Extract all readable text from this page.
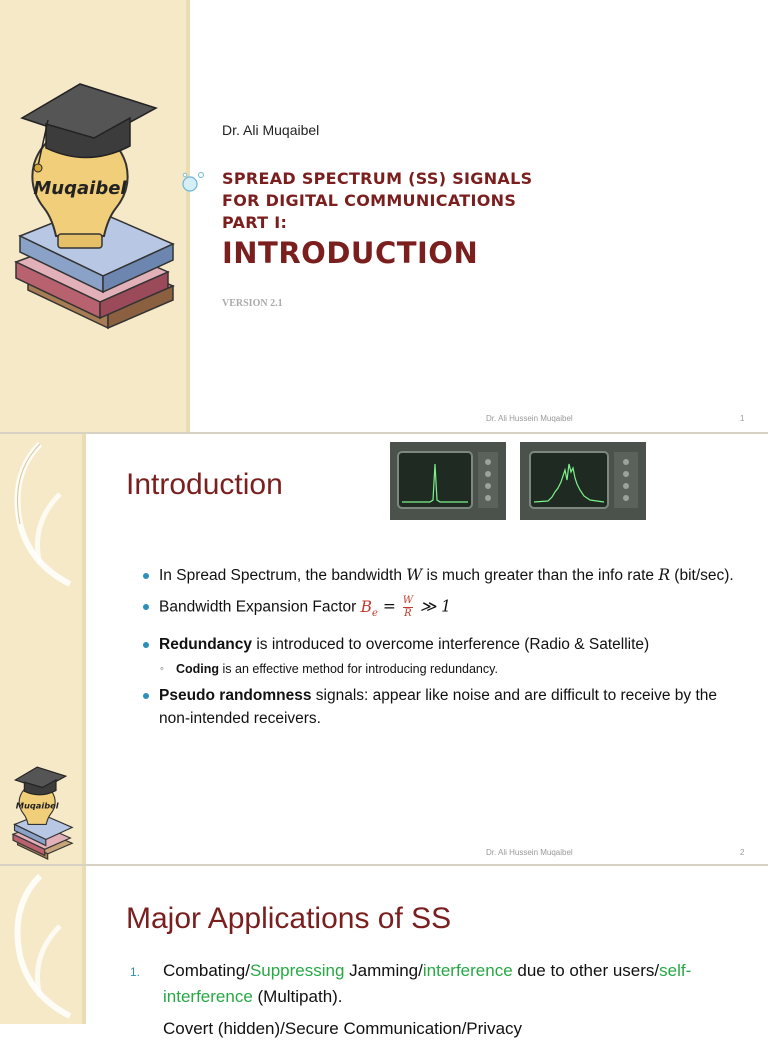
Muqaibel
Dr. Ali Muqaibel
SPREAD SPECTRUM (SS) SIGNALS
FOR DIGITAL COMMUNICATIONS
PART I:
INTRODUCTION
VERSION 2.1
Dr. Ali Hussein Muqaibel	1
Muqaibel
Introduction
In Spread Spectrum, the bandwidth W is much greater than the info rate R (bit/sec).
Bandwidth Expansion Factor $B_e = \frac{W}{R}$ ≫ 1
Redundancy is introduced to overcome interference (Radio & Satellite)
◦ Coding is an effective method for introducing redundancy.
Pseudo randomness signals: appear like noise and are difficult to receive by the non-intended receivers.
Dr. Ali Hussein Muqaibel	2
Major Applications of SS
1. Combating/Suppressing Jamming/interference due to other users/self-interference (Multipath).
Covert (hidden)/Secure Communication/Privacy
